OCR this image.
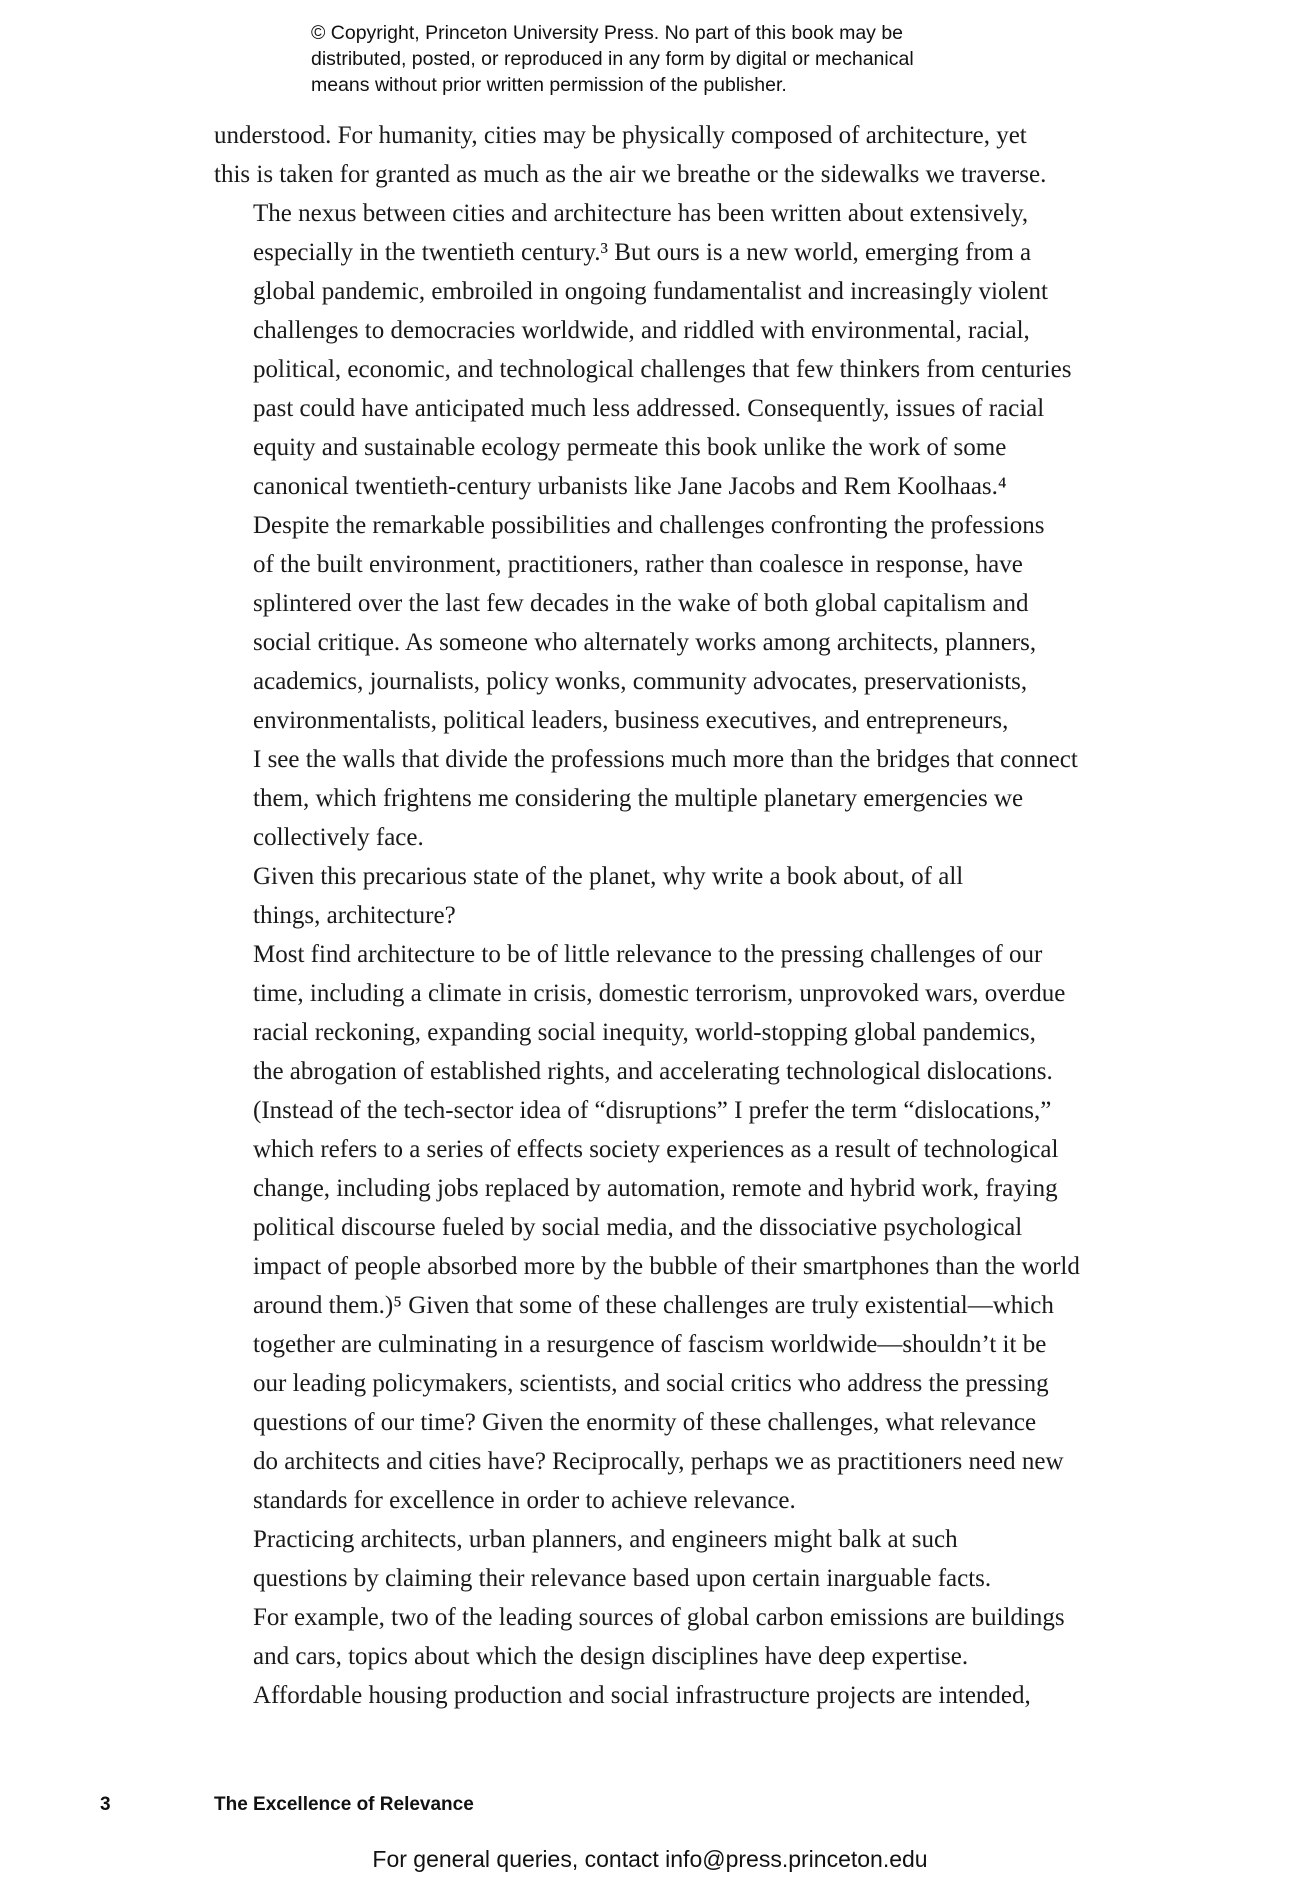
© Copyright, Princeton University Press. No part of this book may be
distributed, posted, or reproduced in any form by digital or mechanical
means without prior written permission of the publisher.

understood. For humanity, cities may be physically composed of architecture, yet
this is taken for granted as much as the air we breathe or the sidewalks we traverse.

The nexus between cities and architecture has been written about extensively,
especially in the twentieth century.³ But ours is a new world, emerging from a
global pandemic, embroiled in ongoing fundamentalist and increasingly violent
challenges to democracies worldwide, and riddled with environmental, racial,
political, economic, and technological challenges that few thinkers from centuries
past could have anticipated much less addressed. Consequently, issues of racial
equity and sustainable ecology permeate this book unlike the work of some
canonical twentieth-century urbanists like Jane Jacobs and Rem Koolhaas.⁴

Despite the remarkable possibilities and challenges confronting the professions
of the built environment, practitioners, rather than coalesce in response, have
splintered over the last few decades in the wake of both global capitalism and
social critique. As someone who alternately works among architects, planners,
academics, journalists, policy wonks, community advocates, preservationists,
environmentalists, political leaders, business executives, and entrepreneurs,
I see the walls that divide the professions much more than the bridges that connect
them, which frightens me considering the multiple planetary emergencies we
collectively face.

Given this precarious state of the planet, why write a book about, of all
things, architecture?

Most find architecture to be of little relevance to the pressing challenges of our
time, including a climate in crisis, domestic terrorism, unprovoked wars, overdue
racial reckoning, expanding social inequity, world-stopping global pandemics,
the abrogation of established rights, and accelerating technological dislocations.
(Instead of the tech-sector idea of “disruptions” I prefer the term “dislocations,”
which refers to a series of effects society experiences as a result of technological
change, including jobs replaced by automation, remote and hybrid work, fraying
political discourse fueled by social media, and the dissociative psychological
impact of people absorbed more by the bubble of their smartphones than the world
around them.)⁵ Given that some of these challenges are truly existential—which
together are culminating in a resurgence of fascism worldwide—shouldn’t it be
our leading policymakers, scientists, and social critics who address the pressing
questions of our time? Given the enormity of these challenges, what relevance
do architects and cities have? Reciprocally, perhaps we as practitioners need new
standards for excellence in order to achieve relevance.

Practicing architects, urban planners, and engineers might balk at such
questions by claiming their relevance based upon certain inarguable facts.
For example, two of the leading sources of global carbon emissions are buildings
and cars, topics about which the design disciplines have deep expertise.
Affordable housing production and social infrastructure projects are intended,

3	The Excellence of Relevance
For general queries, contact info@press.princeton.edu
